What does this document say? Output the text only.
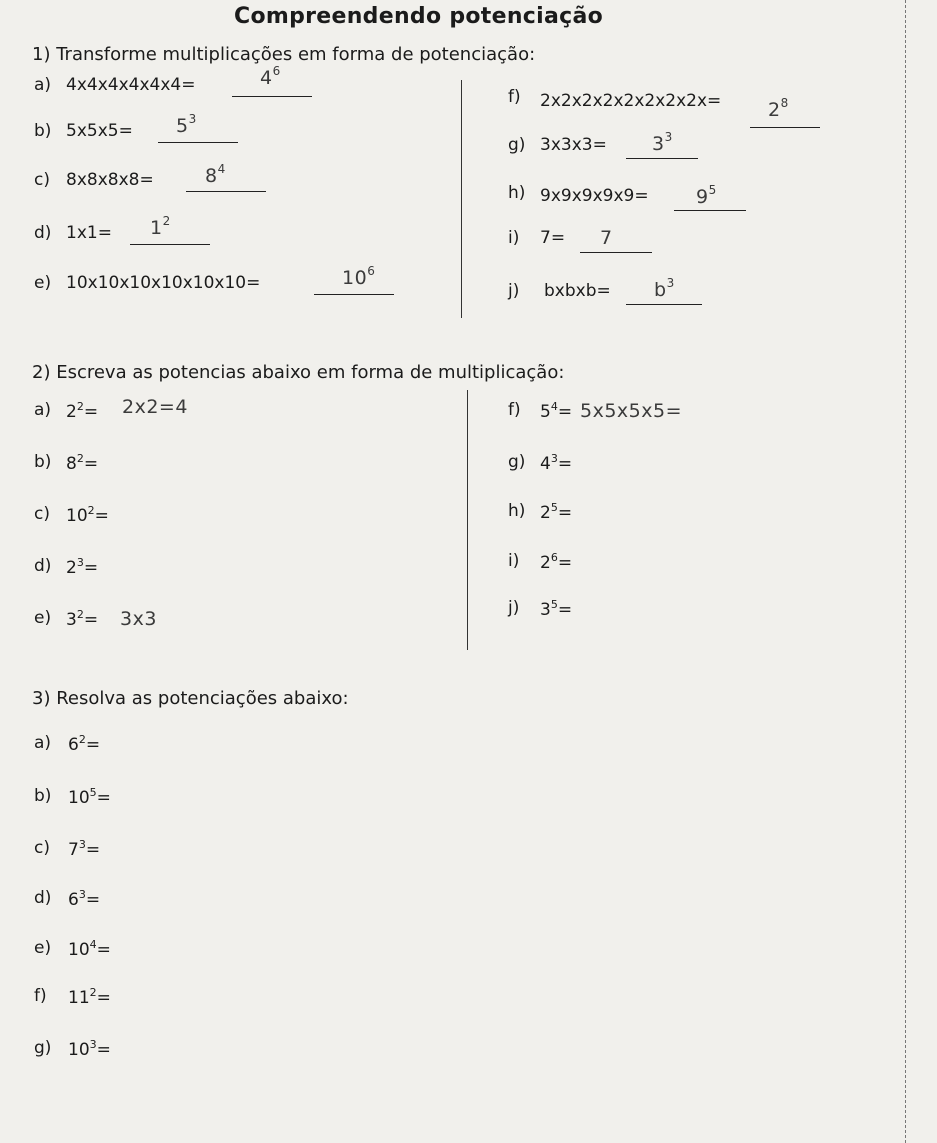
Compreendendo potenciação
1) Transforme multiplicações em forma de potenciação:
a) 4x4x4x4x4x4=	$4^6$
b) $5x5x5= 5^3$
c) 8x8x8x8=	$8^4$
d) $1x1= 1^2$
e) 10x10x10x10x10x10=	$10^6$
f) $2x2x2x2x2x2x2x2x= 2^8$
g) $3x3x3= 3^3$
h) $9x9x9x9x9= 9^5$
i) 7= 7
j) bxbxb= $b^3$
2) Escreva as potencias abaixo em forma de multiplicação:
a) $2^2= 2x2=4$
b) $8^2=$
c) $10^2=$
d) $2^3=$
e) $3^2= 3x3$
f) $5^4= 5x5x5x5=$
g) $4^3=$
h) $2^5=$
i) $2^6=$
j) $3^5=$
3) Resolva as potenciações abaixo:
a) $6^2=$
b) $10^5=$
c) $7^3=$
d) $6^3=$
e) $10^4=$
f) $11^2=$
g) $10^3=$
